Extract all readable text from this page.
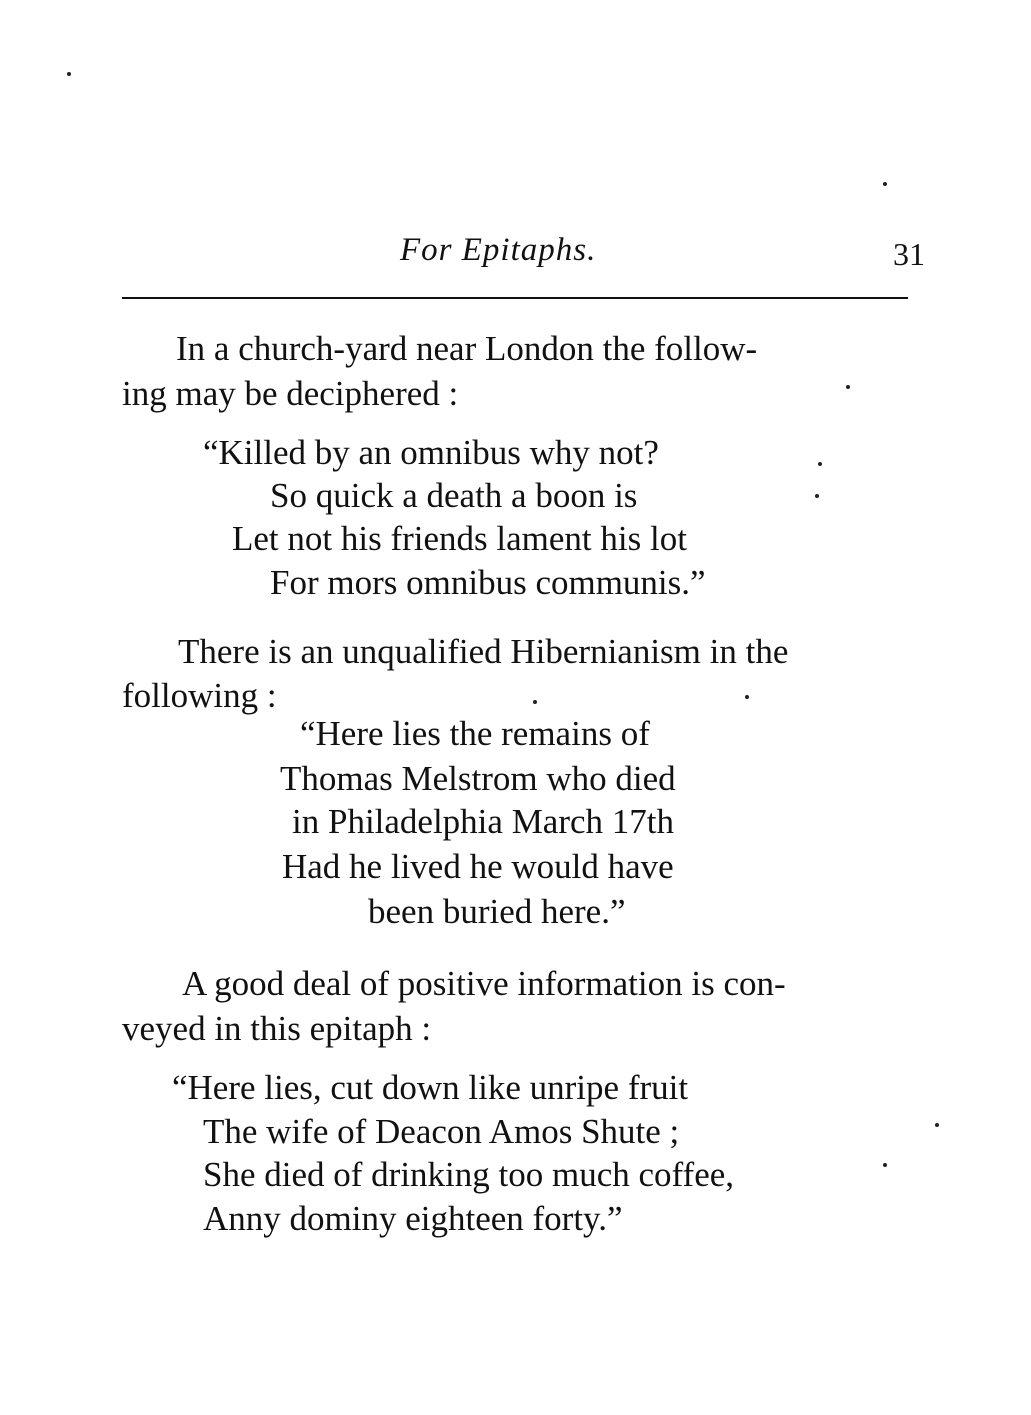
For Epitaphs.	31
In a church-yard near London the follow-
ing may be deciphered :
“Killed by an omnibus why not?
So quick a death a boon is
Let not his friends lament his lot
For mors omnibus communis.”
There is an unqualified Hibernianism in the
following :
“Here lies the remains of
Thomas Melstrom who died
in Philadelphia March 17th
Had he lived he would have
been buried here.”
A good deal of positive information is con-
veyed in this epitaph :
“Here lies, cut down like unripe fruit
The wife of Deacon Amos Shute ;
She died of drinking too much coffee,
Anny dominy eighteen forty.”
